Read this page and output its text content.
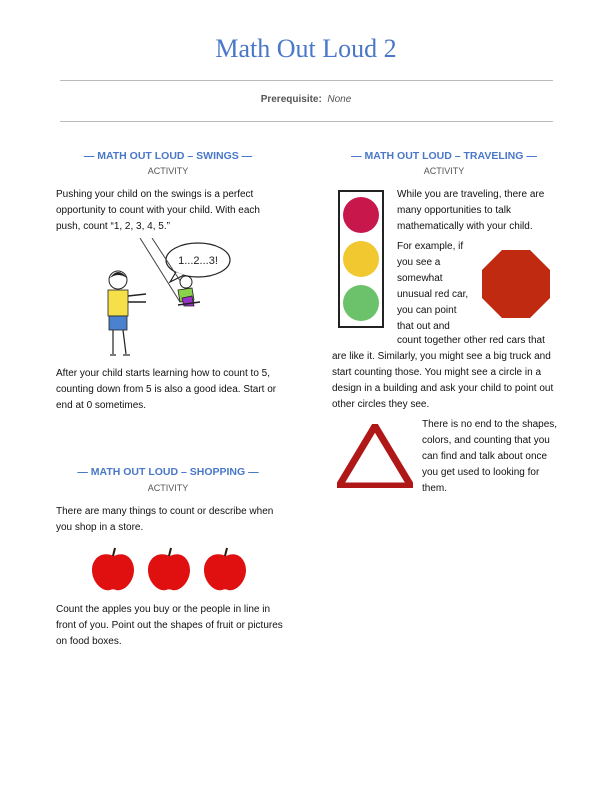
Math Out Loud 2
Prerequisite: None
— MATH OUT LOUD – SWINGS —
ACTIVITY

Pushing your child on the swings is a perfect opportunity to count with your child. With each push, count “1, 2, 3, 4, 5.”

1...2...3!

After your child starts learning how to count to 5, counting down from 5 is also a good idea. Start or end at 0 sometimes.

— MATH OUT LOUD – SHOPPING —
ACTIVITY

There are many things to count or describe when you shop in a store.

Count the apples you buy or the people in line in front of you. Point out the shapes of fruit or pictures on food boxes.

— MATH OUT LOUD – TRAVELING —
ACTIVITY

While you are traveling, there are many opportunities to talk mathematically with your child.

For example, if
you see a
somewhat
unusual red car,
you can point
that out and

count together other red cars that

are like it. Similarly, you might see a big truck and start counting those. You might see a circle in a design in a building and ask your child to point out other circles they see.

There is no end to the shapes, colors, and counting that you can find and talk about once you get used to looking for them.
